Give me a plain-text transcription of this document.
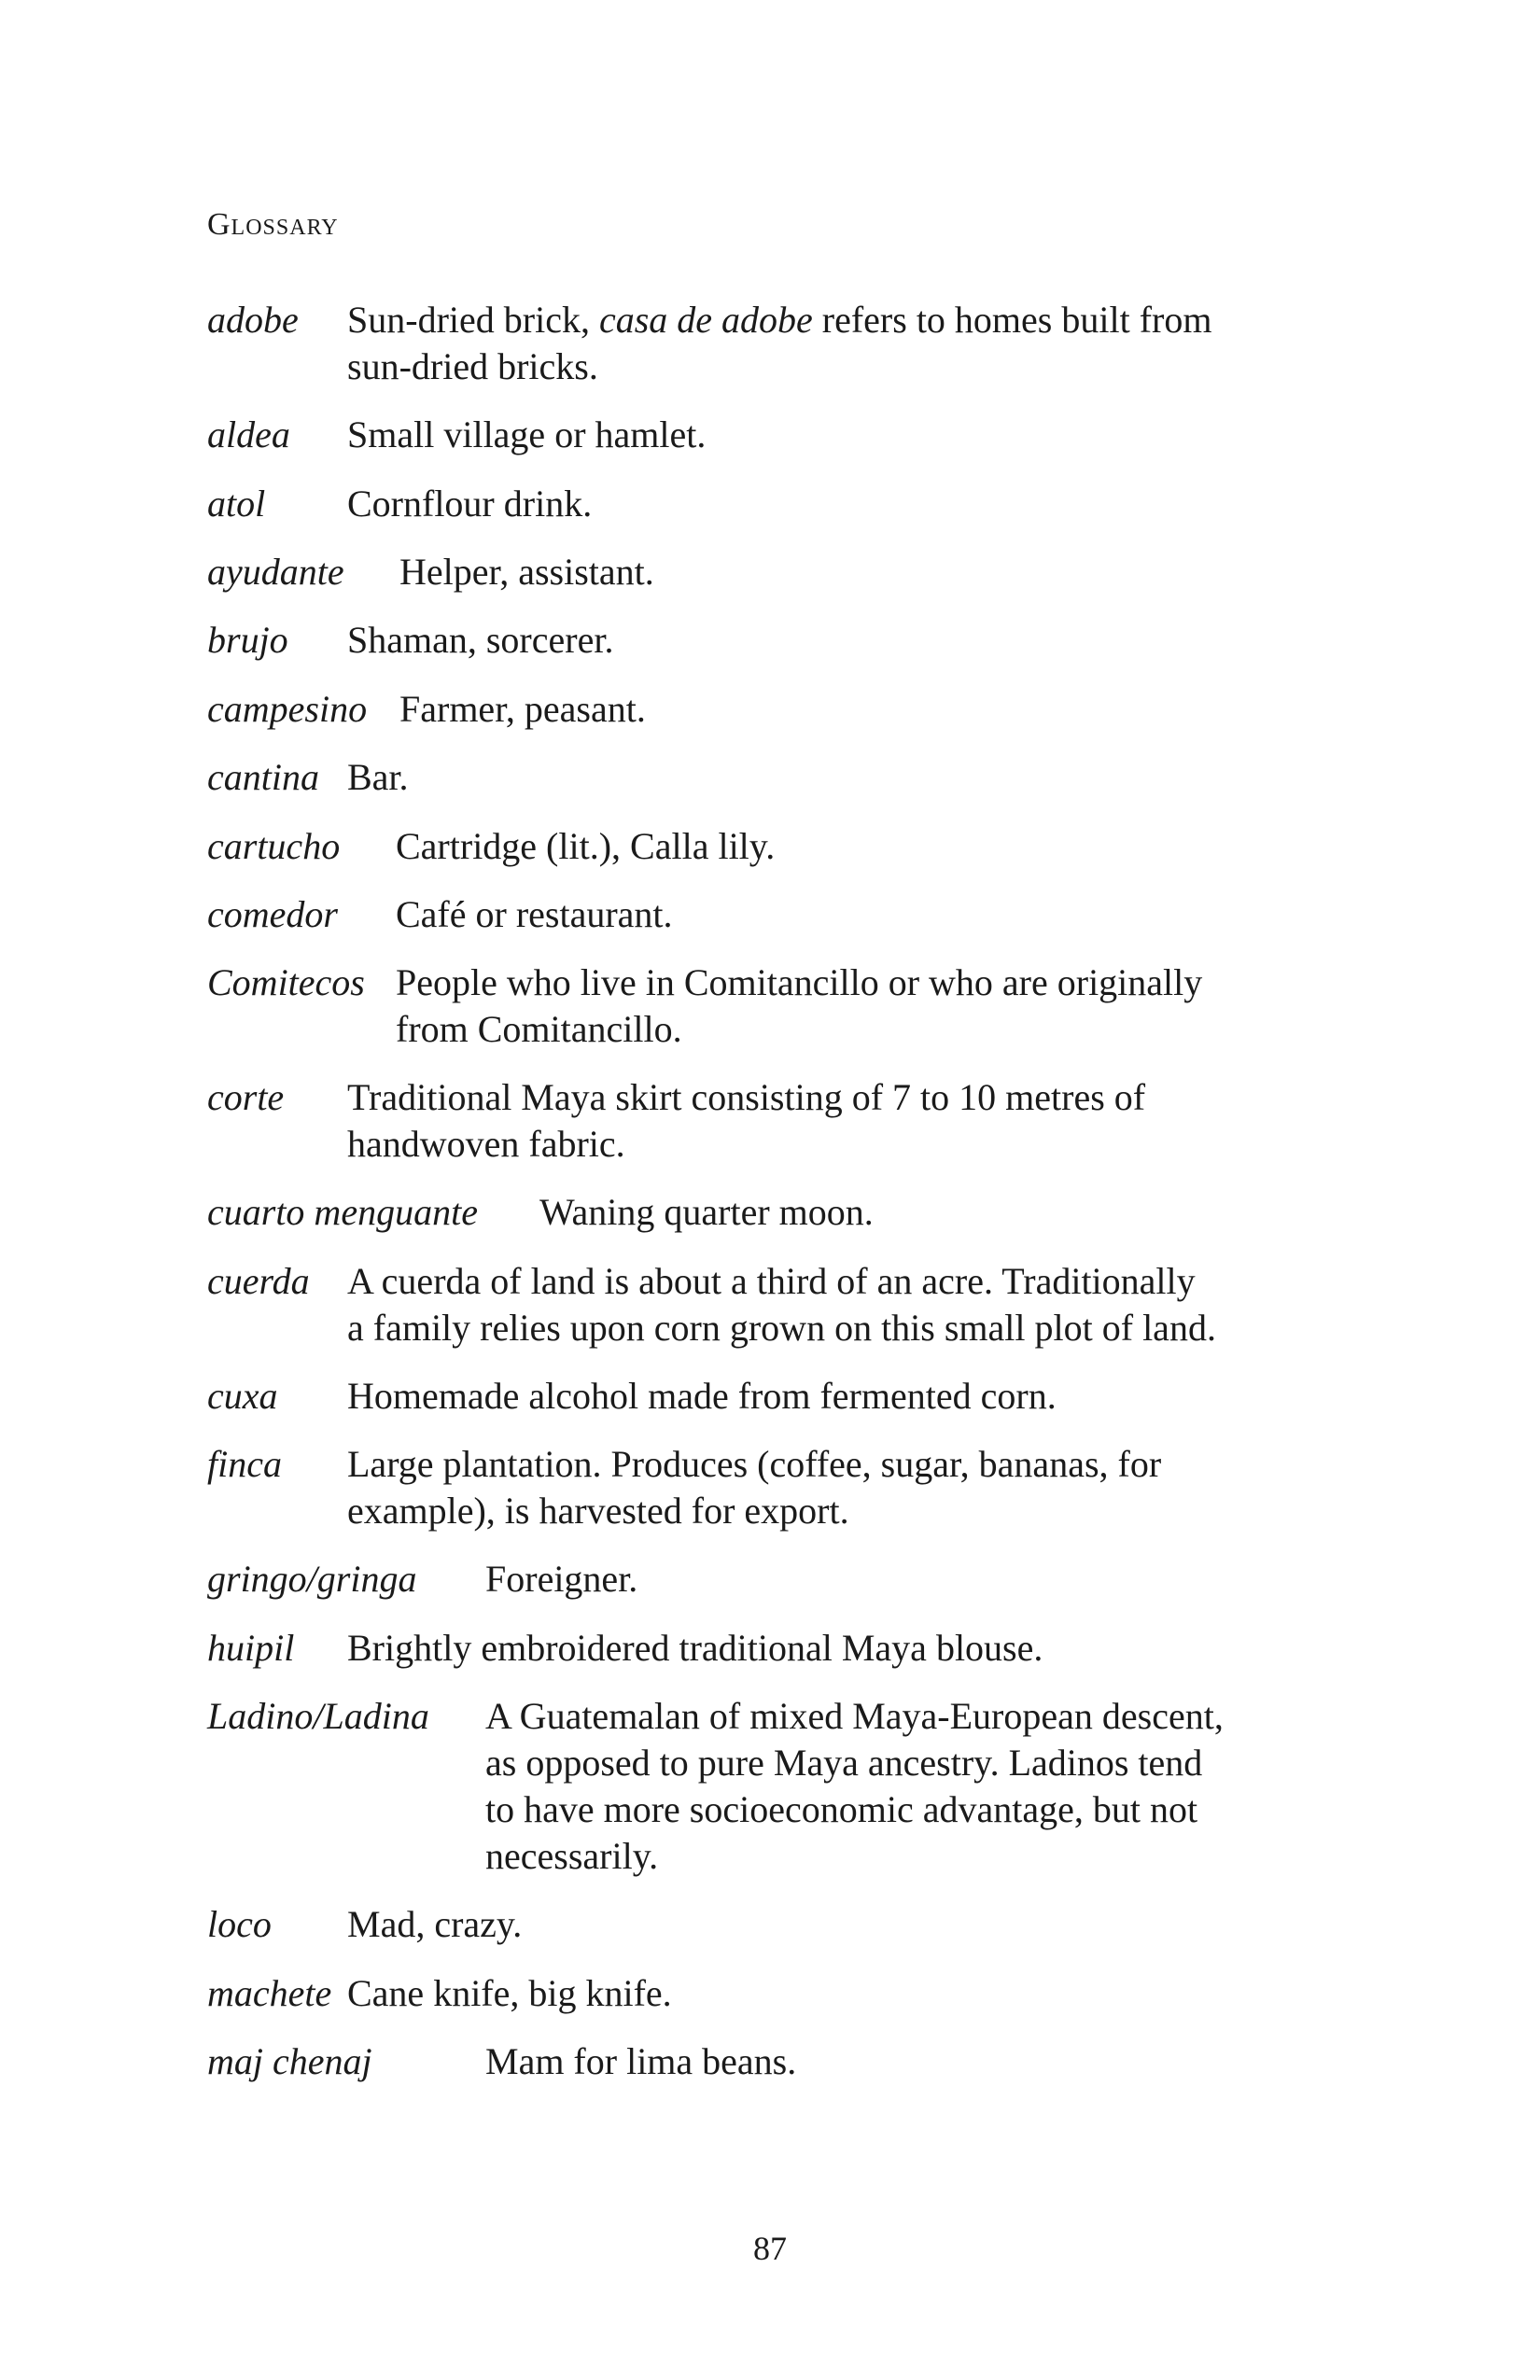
Glossary
adobe Sun-dried brick, casa de adobe refers to homes built from
sun-dried bricks.
aldea Small village or hamlet.
atol Cornflour drink.
ayudante Helper, assistant.
brujo Shaman, sorcerer.
campesino Farmer, peasant.
cantina Bar.
cartucho Cartridge (lit.), Calla lily.
comedor Café or restaurant.
Comitecos People who live in Comitancillo or who are originally
from Comitancillo.
corte Traditional Maya skirt consisting of 7 to 10 metres of
handwoven fabric.
cuarto menguante Waning quarter moon.
cuerda A cuerda of land is about a third of an acre. Traditionally
a family relies upon corn grown on this small plot of land.
cuxa Homemade alcohol made from fermented corn.
finca Large plantation. Produces (coffee, sugar, bananas, for
example), is harvested for export.
gringo/gringa Foreigner.
huipil Brightly embroidered traditional Maya blouse.
Ladino/Ladina A Guatemalan of mixed Maya-European descent,
as opposed to pure Maya ancestry. Ladinos tend
to have more socioeconomic advantage, but not
necessarily.
loco Mad, crazy.
machete Cane knife, big knife.
maj chenaj	Mam for lima beans.
87
